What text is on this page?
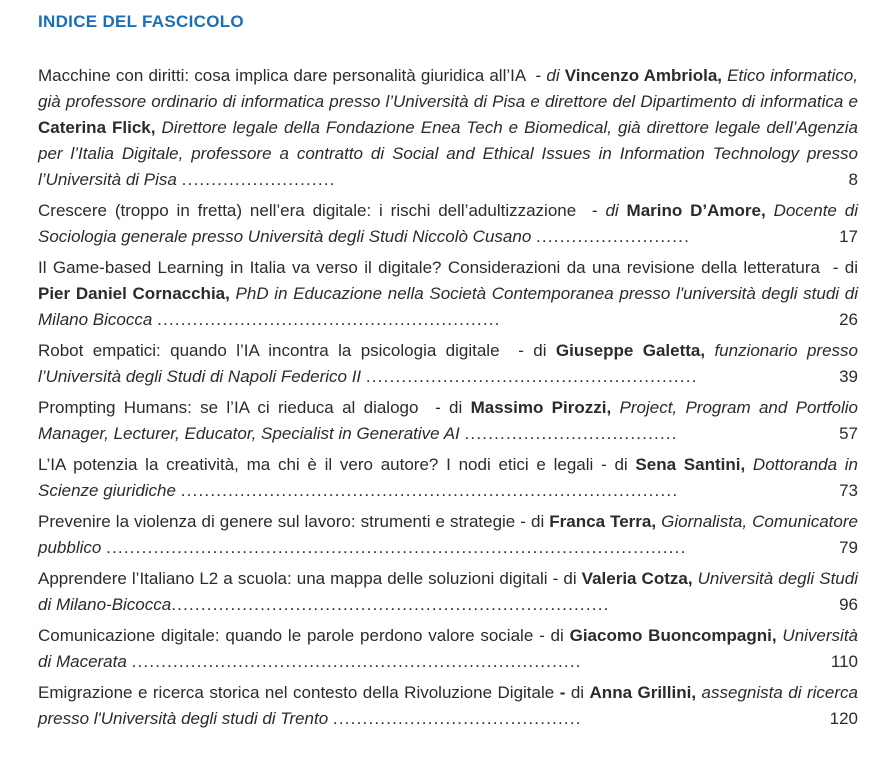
INDICE DEL FASCICOLO

Macchine con diritti: cosa implica dare personalità giuridica all’IA  - di Vincenzo Ambriola, Etico informatico, già professore ordinario di informatica presso l’Università di Pisa e direttore del Dipartimento di informatica e Caterina Flick, Direttore legale della Fondazione Enea Tech e Biomedical, già direttore legale dell’Agenzia per l’Italia Digitale, professore a contratto di Social and Ethical Issues in Information Technology presso l’Università di Pisa ..........................	8

Crescere (troppo in fretta) nell’era digitale: i rischi dell’adultizzazione  - di Marino D’Amore, Docente di Sociologia generale presso Università degli Studi Niccolò Cusano ..........................	17

Il Game-based Learning in Italia va verso il digitale? Considerazioni da una revisione della letteratura  - di Pier Daniel Cornacchia, PhD in Educazione nella Società Contemporanea presso l'università degli studi di Milano Bicocca ..........................................................	26

Robot empatici: quando l’IA incontra la psicologia digitale  - di Giuseppe Galetta, funzionario presso l’Università degli Studi di Napoli Federico II ........................................................	39

Prompting Humans: se l’IA ci rieduca al dialogo  - di Massimo Pirozzi, Project, Program and Portfolio Manager, Lecturer, Educator, Specialist in Generative AI ....................................	57

L’IA potenzia la creatività, ma chi è il vero autore? I nodi etici e legali - di Sena Santini, Dottoranda in Scienze giuridiche ....................................................................................	73

Prevenire la violenza di genere sul lavoro: strumenti e strategie - di Franca Terra, Giornalista, Comunicatore pubblico ..................................................................................................	79

Apprendere l’Italiano L2 a scuola: una mappa delle soluzioni digitali - di Valeria Cotza, Università degli Studi di Milano-Bicocca..........................................................................	96

Comunicazione digitale: quando le parole perdono valore sociale - di Giacomo Buoncompagni, Università di Macerata ............................................................................	110

Emigrazione e ricerca storica nel contesto della Rivoluzione Digitale - di Anna Grillini, assegnista di ricerca presso l'Università degli studi di Trento ..........................................	120
